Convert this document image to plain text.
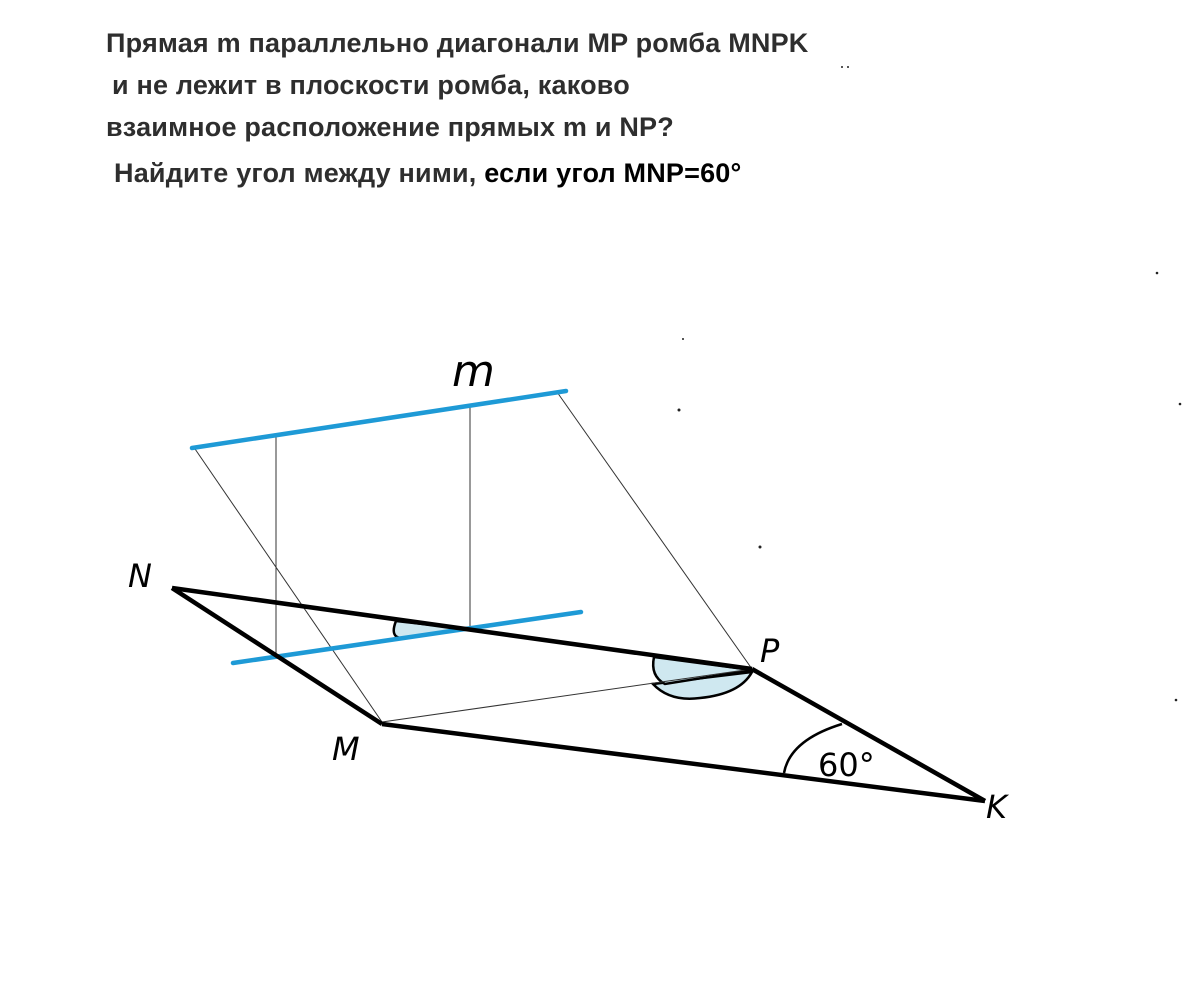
Прямая m параллельно диагонали MP ромба MNPK
и не лежит в плоскости ромба, каково
взаимное расположение прямых m и NP?
Найдите угол между ними, если угол MNP=60°
m
N
P
M
K
60°
